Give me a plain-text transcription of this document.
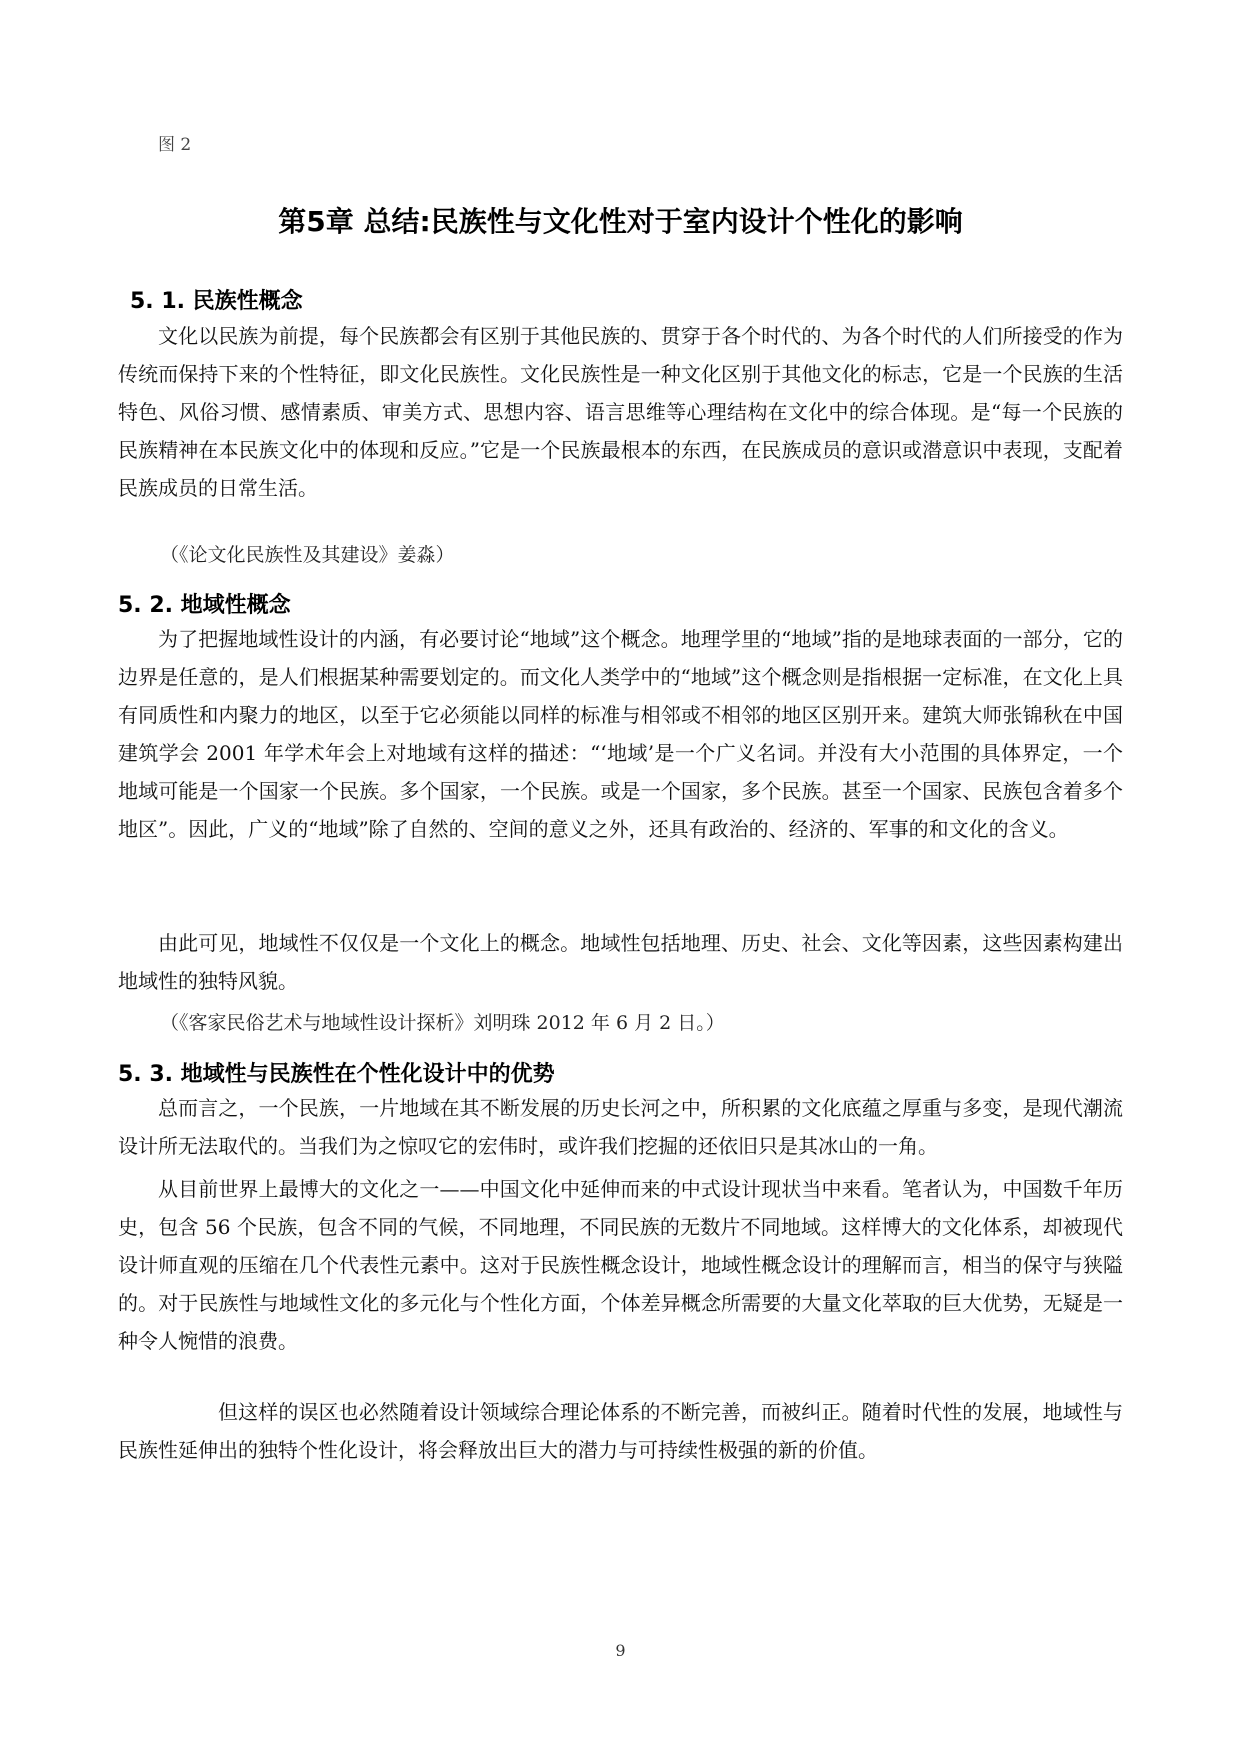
图 2
第5章 总结:民族性与文化性对于室内设计个性化的影响
5. 1. 民族性概念

文化以民族为前提，每个民族都会有区别于其他民族的、贯穿于各个时代的、为各个时代的人们所接受的作为传统而保持下来的个性特征，即文化民族性。文化民族性是一种文化区别于其他文化的标志，它是一个民族的生活特色、风俗习惯、感情素质、审美方式、思想内容、语言思维等心理结构在文化中的综合体现。是“每一个民族的民族精神在本民族文化中的体现和反应。”它是一个民族最根本的东西，在民族成员的意识或潜意识中表现，支配着民族成员的日常生活。

（《论文化民族性及其建设》姜淼）
5. 2. 地域性概念

为了把握地域性设计的内涵，有必要讨论“地域”这个概念。地理学里的“地域”指的是地球表面的一部分，它的边界是任意的，是人们根据某种需要划定的。而文化人类学中的“地域”这个概念则是指根据一定标准，在文化上具有同质性和内聚力的地区，以至于它必须能以同样的标准与相邻或不相邻的地区区别开来。建筑大师张锦秋在中国建筑学会 2001 年学术年会上对地域有这样的描述：“‘地域’是一个广义名词。并没有大小范围的具体界定，一个地域可能是一个国家一个民族。多个国家，一个民族。或是一个国家，多个民族。甚至一个国家、民族包含着多个地区”。因此，广义的“地域”除了自然的、空间的意义之外，还具有政治的、经济的、军事的和文化的含义。

由此可见，地域性不仅仅是一个文化上的概念。地域性包括地理、历史、社会、文化等因素，这些因素构建出地域性的独特风貌。

（《客家民俗艺术与地域性设计探析》刘明珠 2012 年 6 月 2 日。）
5. 3. 地域性与民族性在个性化设计中的优势

总而言之，一个民族，一片地域在其不断发展的历史长河之中，所积累的文化底蕴之厚重与多变，是现代潮流设计所无法取代的。当我们为之惊叹它的宏伟时，或许我们挖掘的还依旧只是其冰山的一角。

从目前世界上最博大的文化之一——中国文化中延伸而来的中式设计现状当中来看。笔者认为，中国数千年历史，包含 56 个民族，包含不同的气候，不同地理，不同民族的无数片不同地域。这样博大的文化体系，却被现代设计师直观的压缩在几个代表性元素中。这对于民族性概念设计，地域性概念设计的理解而言，相当的保守与狭隘的。对于民族性与地域性文化的多元化与个性化方面，个体差异概念所需要的大量文化萃取的巨大优势，无疑是一种令人惋惜的浪费。

但这样的误区也必然随着设计领域综合理论体系的不断完善，而被纠正。随着时代性的发展，地域性与民族性延伸出的独特个性化设计，将会释放出巨大的潜力与可持续性极强的新的价值。

9
